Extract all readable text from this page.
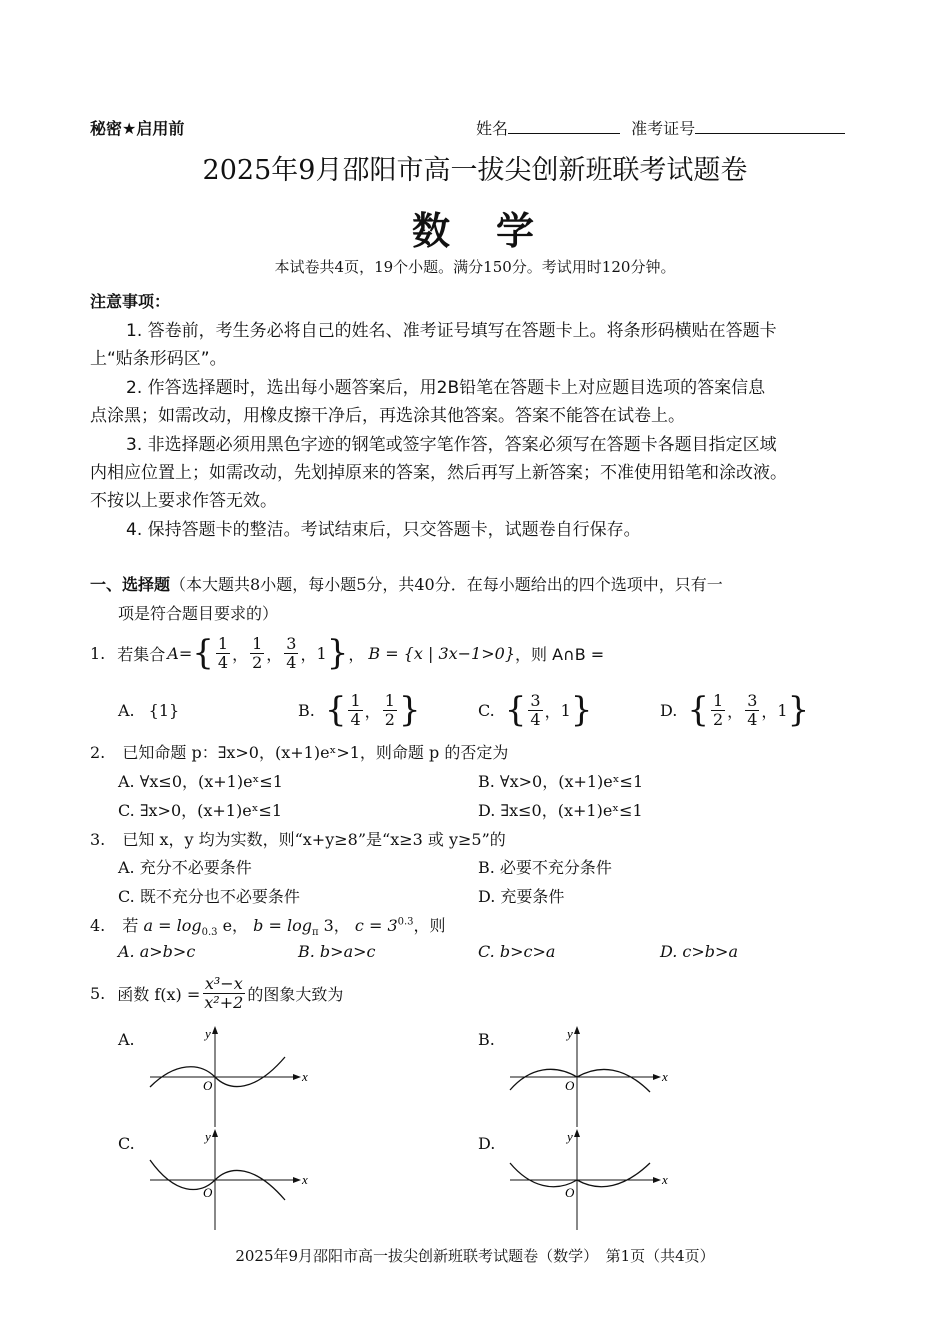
秘密★启用前	姓名	准考证号
2025年9月邵阳市高一拔尖创新班联考试题卷
数　学
本试卷共4页，19个小题。满分150分。考试用时120分钟。
注意事项：
1. 答卷前，考生务必将自己的姓名、准考证号填写在答题卡上。将条形码横贴在答题卡
上“贴条形码区”。
2. 作答选择题时，选出每小题答案后，用2B铅笔在答题卡上对应题目选项的答案信息
点涂黑；如需改动，用橡皮擦干净后，再选涂其他答案。答案不能答在试卷上。
3. 非选择题必须用黑色字迹的钢笔或签字笔作答，答案必须写在答题卡各题目指定区域
内相应位置上；如需改动，先划掉原来的答案，然后再写上新答案；不准使用铅笔和涂改液。
不按以上要求作答无效。
4. 保持答题卡的整洁。考试结束后，只交答题卡，试题卷自行保存。
一、选择题（本大题共8小题，每小题5分，共40分．在每小题给出的四个选项中，只有一
项是符合题目要求的）
1. 若集合 A = { $\frac{1}{4}$ ， $\frac{1}{2}$ ， $\frac{3}{4}$ ， 1 } ， B = {x | 3x−1>0} ，则 A∩B =
A. {1}	B. { $\frac{1}{4}$ ， $\frac{1}{2}$ }	C. { $\frac{3}{4}$ ， 1 }	D. { $\frac{1}{2}$ ， $\frac{3}{4}$ ， 1 }
2. 已知命题 p：∃x>0，(x+1)eˣ>1，则命题 p 的否定为
A. ∀x≤0，(x+1)eˣ≤1	B. ∀x>0，(x+1)eˣ≤1
C. ∃x>0，(x+1)eˣ≤1	D. ∃x≤0，(x+1)eˣ≤1
3. 已知 x，y 均为实数，则“x+y≥8”是“x≥3 或 y≥5”的
A. 充分不必要条件	B. 必要不充分条件
C. 既不充分也不必要条件	D. 充要条件
4. 若 $a = \log_{0.3} e$， $b = \log_\pi 3$， $c = 3^{0.3}$，则
A. a>b>c	B. b>a>c	C. b>c>a	D. c>b>a
5. 函数 $f(x) = \frac{\text{x³−x}}{\text{x²+2}}$ 的图象大致为
A.	B.
C.	D.
y
x
O
y
x
O
y
x
O
y
x
O
2025年9月邵阳市高一拔尖创新班联考试题卷（数学）　第1页（共4页）
